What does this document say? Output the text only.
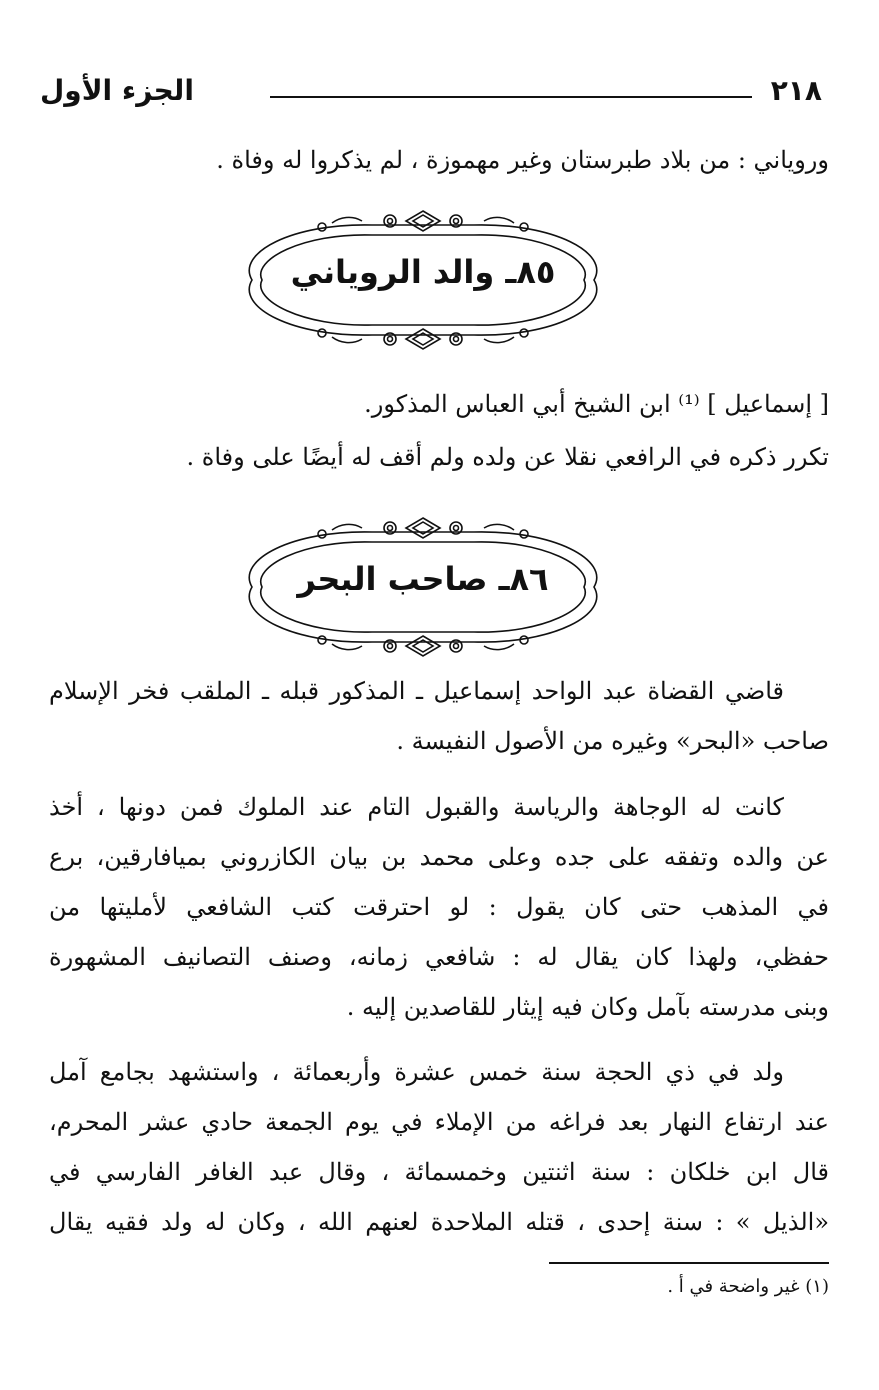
٢١٨
الجزء الأول
وروياني : من بلاد طبرستان وغير مهموزة ، لم يذكروا له وفاة .
٨٥ـ والد الروياني
[ إسماعيل ] ⁽¹⁾ ابن الشيخ أبي العباس المذكور.
تكرر ذكره في الرافعي نقلا عن ولده ولم أقف له أيضًا على وفاة .
٨٦ـ صاحب البحر
قاضي القضاة عبد الواحد إسماعيل ـ المذكور قبله ـ الملقب فخر الإسلام
صاحب «البحر» وغيره من الأصول النفيسة .
كانت له الوجاهة والرياسة والقبول التام عند الملوك فمن دونها ، أخذ
عن والده وتفقه على جده وعلى محمد بن بيان الكازروني بميافارقين، برع
في المذهب حتى كان يقول : لو احترقت كتب الشافعي لأمليتها من
حفظي، ولهذا كان يقال له : شافعي زمانه، وصنف التصانيف المشهورة
وبنى مدرسته بآمل وكان فيه إيثار للقاصدين إليه .
ولد في ذي الحجة سنة خمس عشرة وأربعمائة ، واستشهد بجامع آمل
عند ارتفاع النهار بعد فراغه من الإملاء في يوم الجمعة حادي عشر المحرم،
قال ابن خلكان : سنة اثنتين وخمسمائة ، وقال عبد الغافر الفارسي في
«الذيل » : سنة إحدى ، قتله الملاحدة لعنهم الله ، وكان له ولد فقيه يقال
(١) غير واضحة في أ .
